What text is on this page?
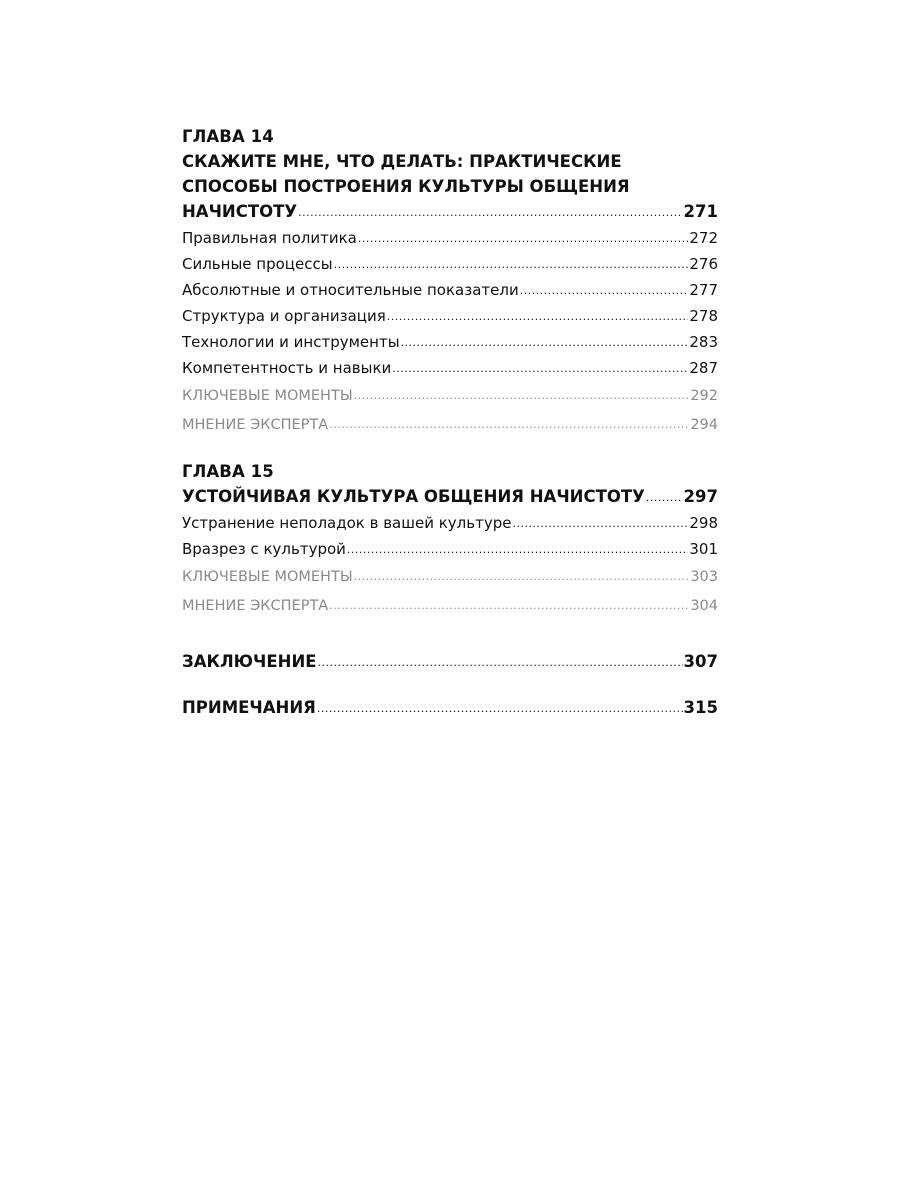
ГЛАВА 14
СКАЖИТЕ МНЕ, ЧТО ДЕЛАТЬ: ПРАКТИЧЕСКИЕ
СПОСОБЫ ПОСТРОЕНИЯ КУЛЬТУРЫ ОБЩЕНИЯ
НАЧИСТОТУ .....	271
Правильная политика .....	272
Сильные процессы .....	276
Абсолютные и относительные показатели .....	277
Структура и организация .....	278
Технологии и инструменты .....	283
Компетентность и навыки .....	287
КЛЮЧЕВЫЕ МОМЕНТЫ .....	292
МНЕНИЕ ЭКСПЕРТА .....	294
ГЛАВА 15
УСТОЙЧИВАЯ КУЛЬТУРА ОБЩЕНИЯ НАЧИСТОТУ ..... 297
Устранение неполадок в вашей культуре .....	298
Вразрез с культурой .....	301
КЛЮЧЕВЫЕ МОМЕНТЫ .....	303
МНЕНИЕ ЭКСПЕРТА .....	304
ЗАКЛЮЧЕНИЕ .....	307
ПРИМЕЧАНИЯ .....	315
